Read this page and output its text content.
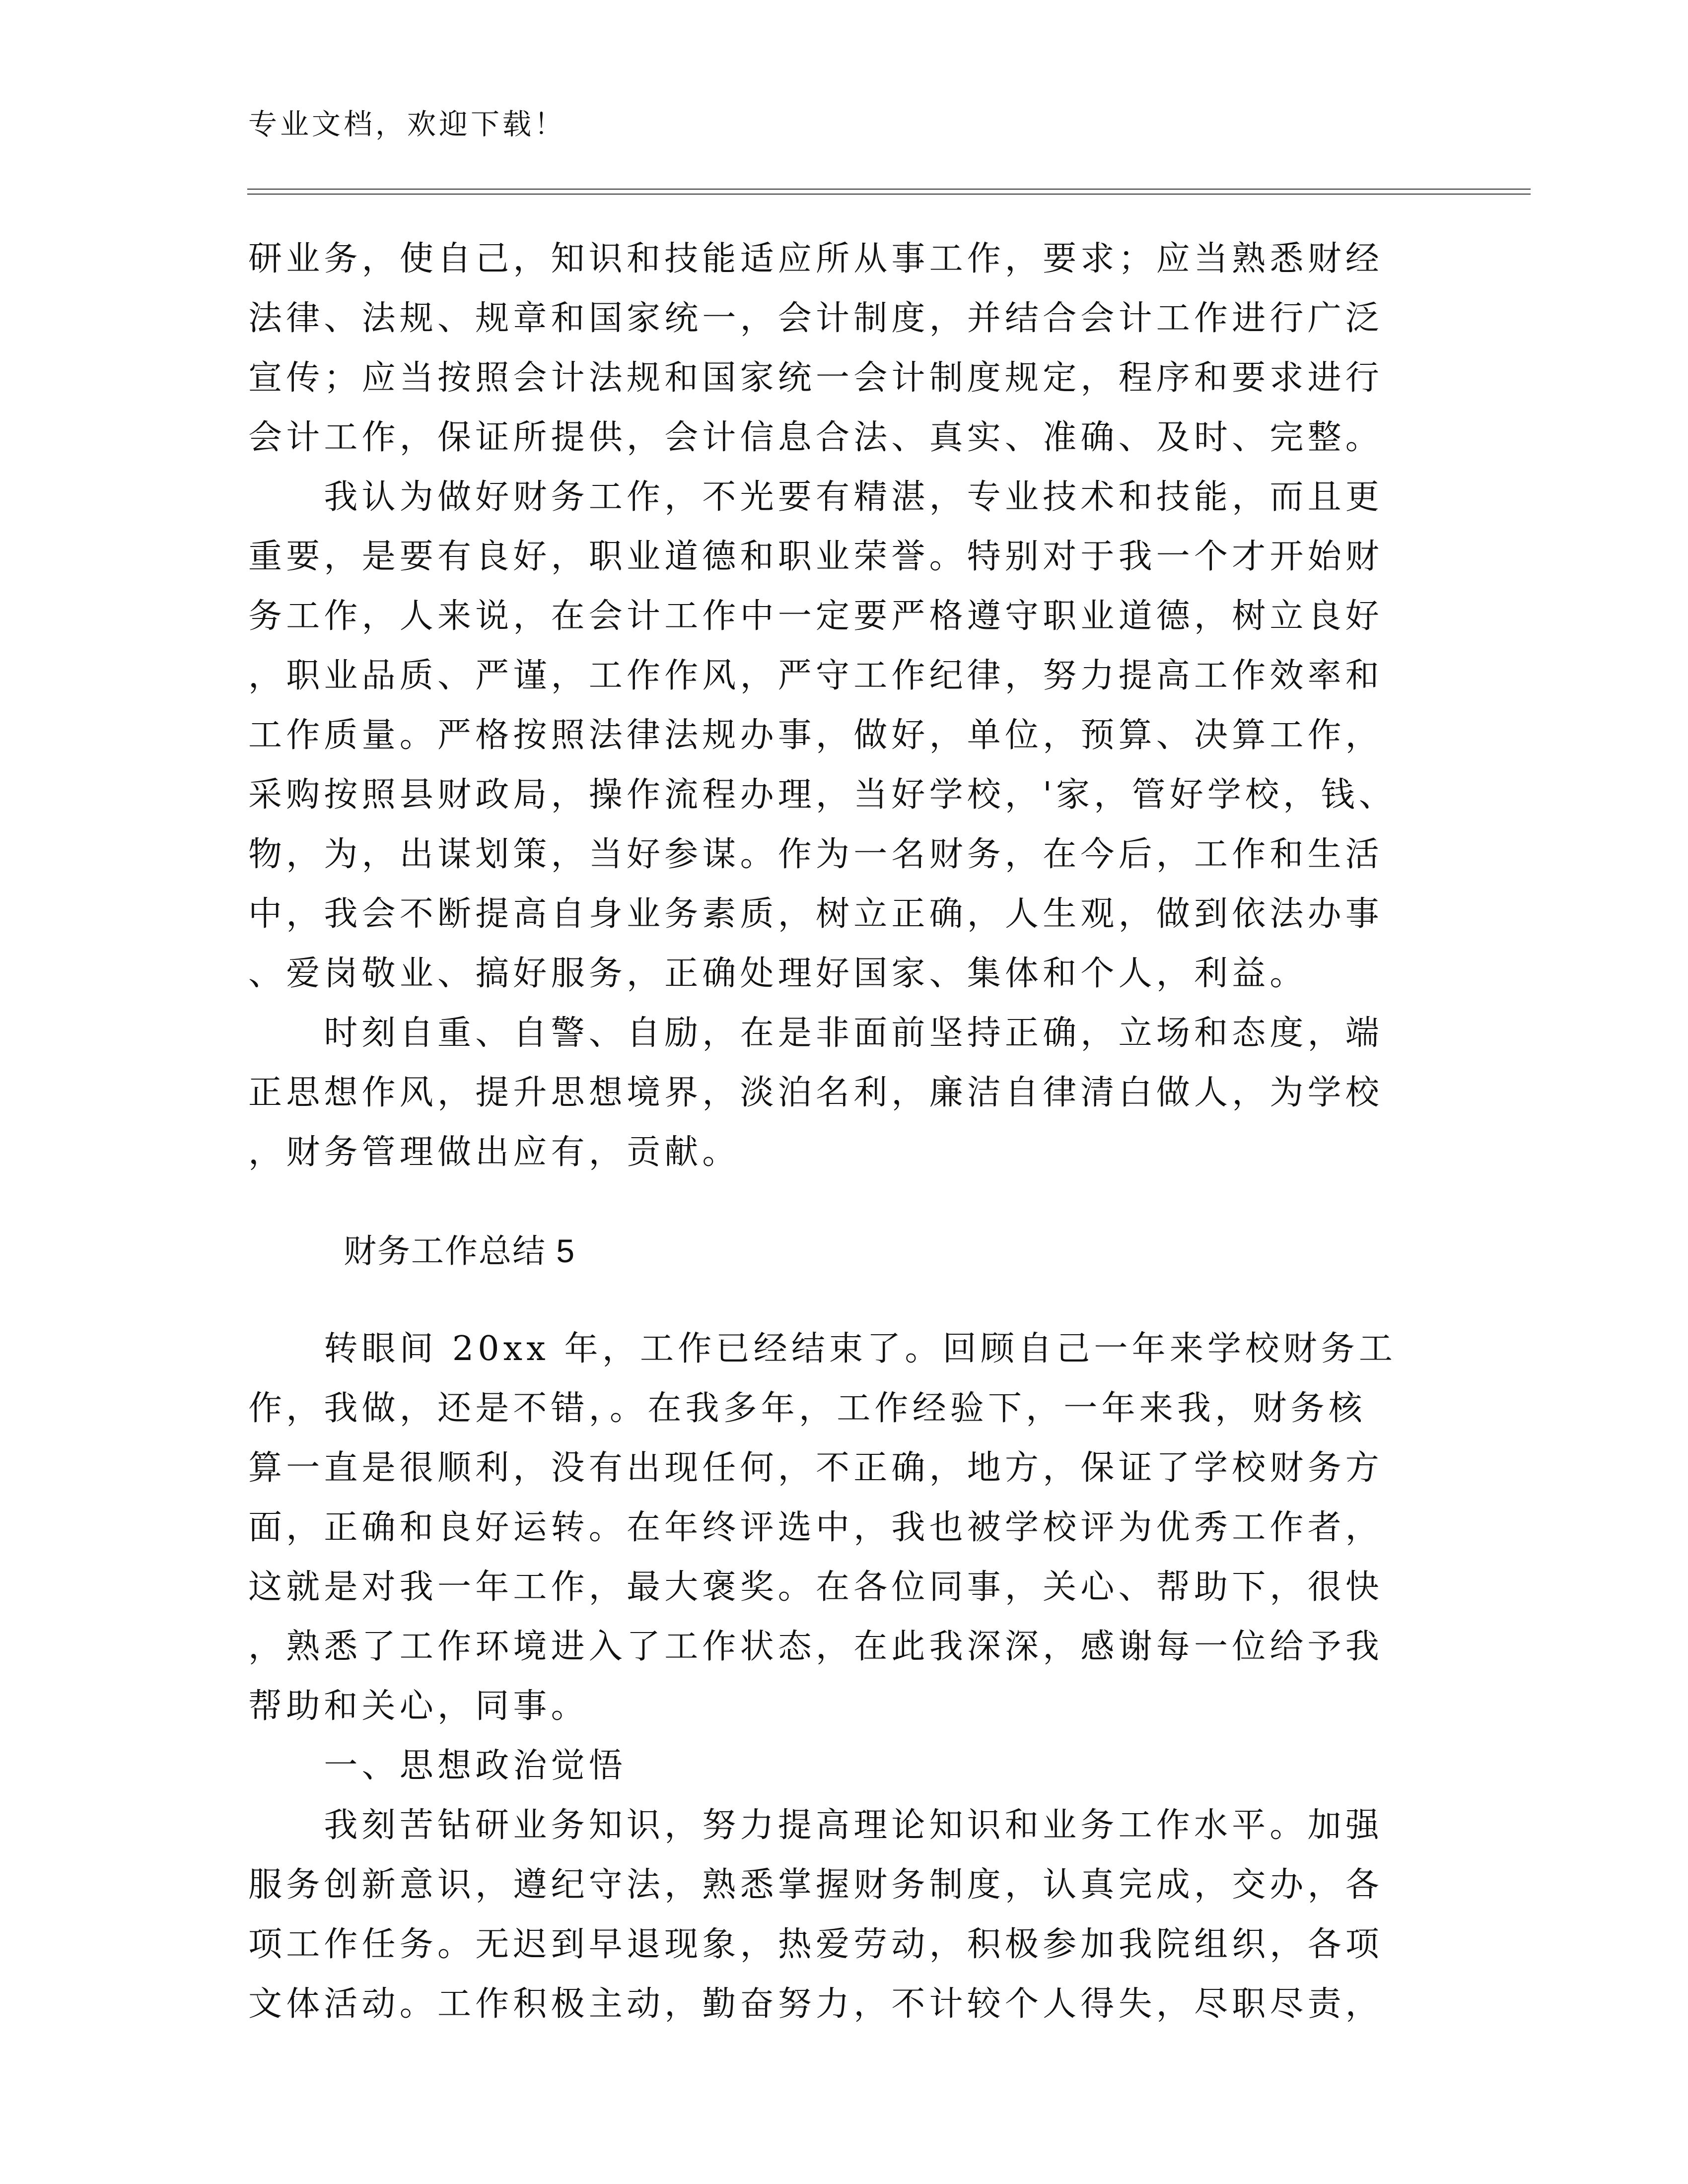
专业文档，欢迎下载！
研业务，使自己，知识和技能适应所从事工作，要求；应当熟悉财经
法律、法规、规章和国家统一，会计制度，并结合会计工作进行广泛
宣传；应当按照会计法规和国家统一会计制度规定，程序和要求进行
会计工作，保证所提供，会计信息合法、真实、准确、及时、完整。
　　我认为做好财务工作，不光要有精湛，专业技术和技能，而且更
重要，是要有良好，职业道德和职业荣誉。特别对于我一个才开始财
务工作，人来说，在会计工作中一定要严格遵守职业道德，树立良好
，职业品质、严谨，工作作风，严守工作纪律，努力提高工作效率和
工作质量。严格按照法律法规办事，做好，单位，预算、决算工作，
采购按照县财政局，操作流程办理，当好学校，'家，管好学校，钱、
物，为，出谋划策，当好参谋。作为一名财务，在今后，工作和生活
中，我会不断提高自身业务素质，树立正确，人生观，做到依法办事
、爱岗敬业、搞好服务，正确处理好国家、集体和个人，利益。
　　时刻自重、自警、自励，在是非面前坚持正确，立场和态度，端
正思想作风，提升思想境界，淡泊名利，廉洁自律清白做人，为学校
，财务管理做出应有，贡献。
财务工作总结 5
　　转眼间 20xx 年，工作已经结束了。回顾自己一年来学校财务工
作，我做，还是不错，。在我多年，工作经验下，一年来我，财务核
算一直是很顺利，没有出现任何，不正确，地方，保证了学校财务方
面，正确和良好运转。在年终评选中，我也被学校评为优秀工作者，
这就是对我一年工作，最大褒奖。在各位同事，关心、帮助下，很快
，熟悉了工作环境进入了工作状态，在此我深深，感谢每一位给予我
帮助和关心，同事。
　　一、思想政治觉悟
　　我刻苦钻研业务知识，努力提高理论知识和业务工作水平。加强
服务创新意识，遵纪守法，熟悉掌握财务制度，认真完成，交办，各
项工作任务。无迟到早退现象，热爱劳动，积极参加我院组织，各项
文体活动。工作积极主动，勤奋努力，不计较个人得失，尽职尽责，
